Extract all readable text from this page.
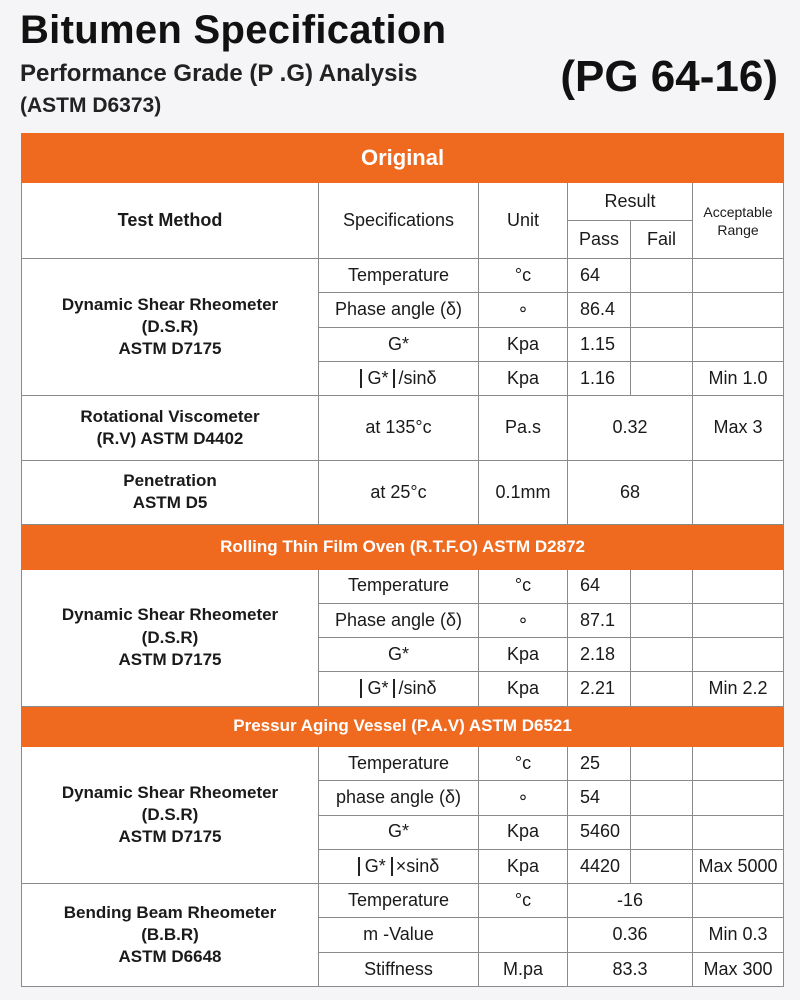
Bitumen Specification
Performance Grade (P .G) Analysis
(ASTM D6373)
(PG 64-16)
Original					
Test Method	Specifications	Unit	Result		Acceptable
Range

			Pass	Fail	

Dynamic Shear Rheometer
(D.S.R)
ASTM D7175	Temperature	°c	64		
	Phase angle (δ)	∘	86.4		
	G*	Kpa	1.15		
	G* /sinδ	Kpa	1.16		Min 1.0

Rotational Viscometer
(R.V) ASTM D4402	at 135°c	Pa.s	0.32		Max 3

Penetration
ASTM D5	at 25°c	0.1mm	68		
Rolling Thin Film Oven (R.T.F.O) ASTM D2872					

Dynamic Shear Rheometer
(D.S.R)
ASTM D7175	Temperature	°c	64		
	Phase angle (δ)	∘	87.1		
	G*	Kpa	2.18		
	G* /sinδ	Kpa	2.21		Min 2.2
Pressur Aging Vessel (P.A.V) ASTM D6521					

Dynamic Shear Rheometer
(D.S.R)
ASTM D7175	Temperature	°c	25		
	phase angle (δ)	∘	54		
	G*	Kpa	5460		
	G* ×sinδ	Kpa	4420		Max 5000

Bending Beam Rheometer
(B.B.R)
ASTM D6648	Temperature	°c	-16		
	m -Value		0.36		Min 0.3
	Stiffness	M.pa	83.3		Max 300
